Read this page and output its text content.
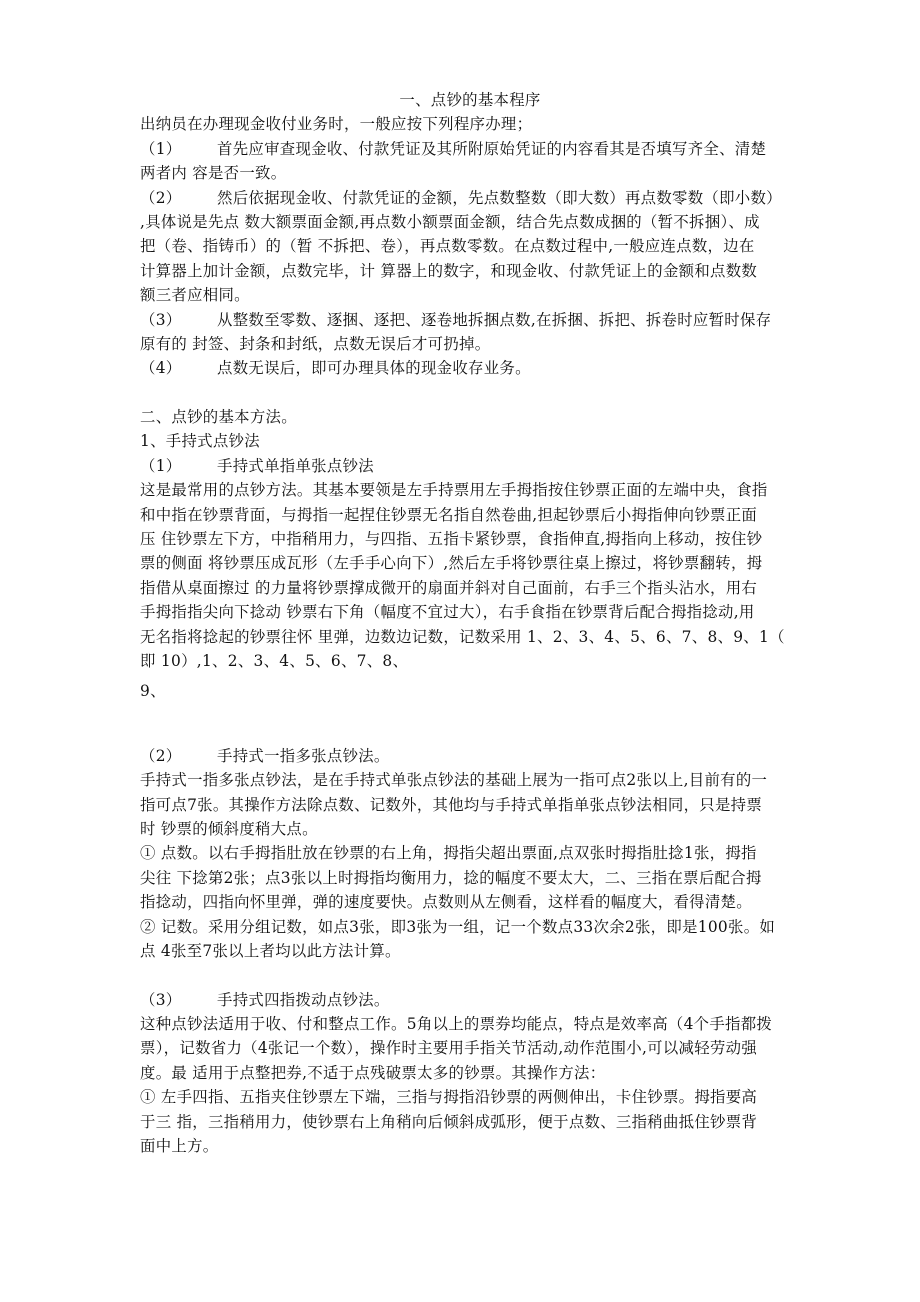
一、点钞的基本程序
出纳员在办理现金收付业务时，一般应按下列程序办理；
（1） 首先应审查现金收、付款凭证及其所附原始凭证的内容看其是否填写齐全、清楚
两者内 容是否一致。
（2） 然后依据现金收、付款凭证的金额，先点数整数（即大数）再点数零数（即小数）
,具体说是先点 数大额票面金额,再点数小额票面金额，结合先点数成捆的（暂不拆捆）、成
把（卷、指铸币）的（暂 不拆把、卷），再点数零数。在点数过程中,一般应连点数，边在
计算器上加计金额，点数完毕，计 算器上的数字，和现金收、付款凭证上的金额和点数数
额三者应相同。
（3） 从整数至零数、逐捆、逐把、逐卷地拆捆点数,在拆捆、拆把、拆卷时应暂时保存
原有的 封签、封条和封纸，点数无误后才可扔掉。
（4） 点数无误后，即可办理具体的现金收存业务。
二、点钞的基本方法。
1、手持式点钞法
（1） 手持式单指单张点钞法
这是最常用的点钞方法。其基本要领是左手持票用左手拇指按住钞票正面的左端中央，食指
和中指在钞票背面，与拇指一起捏住钞票无名指自然卷曲,担起钞票后小拇指伸向钞票正面
压 住钞票左下方，中指稍用力，与四指、五指卡紧钞票，食指伸直,拇指向上移动，按住钞
票的侧面 将钞票压成瓦形（左手手心向下）,然后左手将钞票往桌上擦过，将钞票翻转，拇
指借从桌面擦过 的力量将钞票撑成微开的扇面并斜对自己面前，右手三个指头沾水，用右
手拇指指尖向下捻动 钞票右下角（幅度不宜过大），右手食指在钞票背后配合拇指捻动,用
无名指将捻起的钞票往怀 里弹，边数边记数，记数采用 1、2、3、4、5、6、7、8、9、1（
即 10）,1、2、3、4、5、6、7、8、
9、
（2） 手持式一指多张点钞法。
手持式一指多张点钞法，是在手持式单张点钞法的基础上展为一指可点2张以上,目前有的一
指可点7张。其操作方法除点数、记数外，其他均与手持式单指单张点钞法相同，只是持票
时 钞票的倾斜度稍大点。
① 点数。以右手拇指肚放在钞票的右上角，拇指尖超出票面,点双张时拇指肚捻1张，拇指
尖往 下捻第2张；点3张以上时拇指均衡用力，捻的幅度不要太大，二、三指在票后配合拇
指捻动，四指向怀里弹，弹的速度要快。点数则从左侧看，这样看的幅度大，看得清楚。
② 记数。采用分组记数，如点3张，即3张为一组，记一个数点33次余2张，即是100张。如
点 4张至7张以上者均以此方法计算。
（3） 手持式四指拨动点钞法。
这种点钞法适用于收、付和整点工作。5角以上的票券均能点，特点是效率高（4个手指都拨
票），记数省力（4张记一个数），操作时主要用手指关节活动,动作范围小,可以减轻劳动强
度。最 适用于点整把券,不适于点残破票太多的钞票。其操作方法：
① 左手四指、五指夹住钞票左下端，三指与拇指沿钞票的两侧伸出，卡住钞票。拇指要高
于三 指，三指稍用力，使钞票右上角稍向后倾斜成弧形，便于点数、三指稍曲抵住钞票背
面中上方。
